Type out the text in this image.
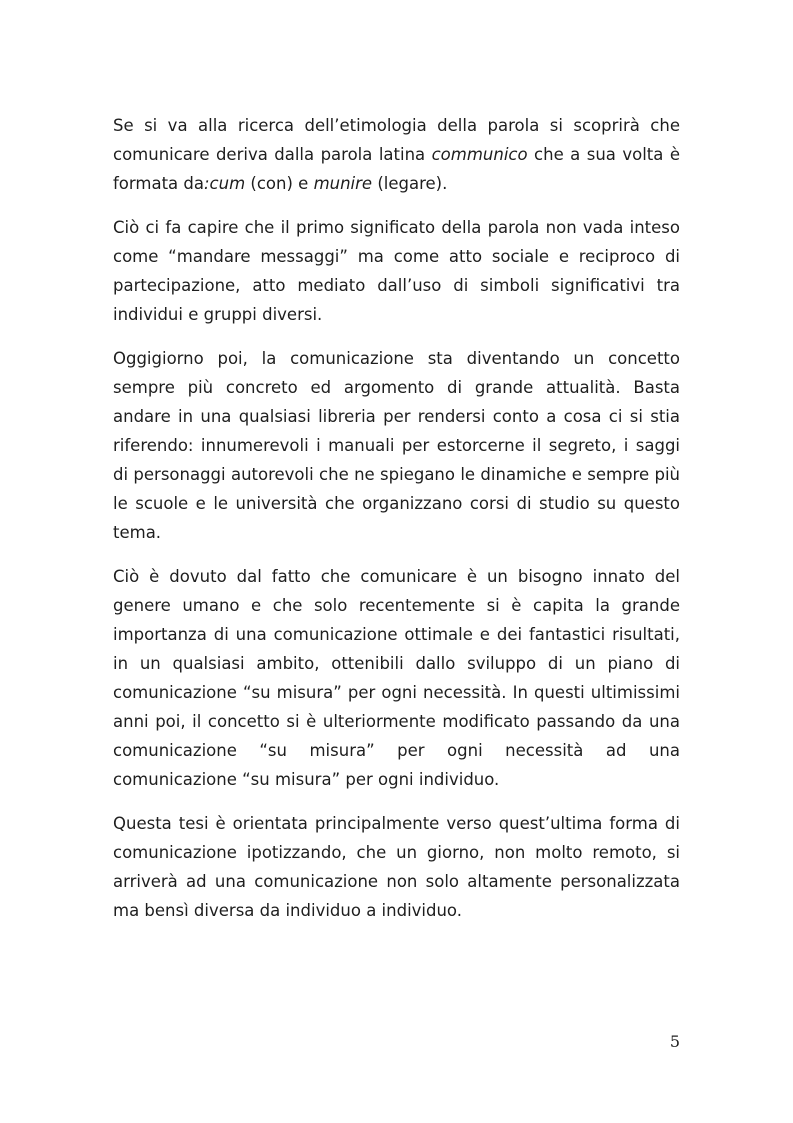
Se si va alla ricerca dell’etimologia della parola si scoprirà che comunicare deriva dalla parola latina communico che a sua volta è formata da:cum (con) e munire (legare).

Ciò ci fa capire che il primo significato della parola non vada inteso come “mandare messaggi” ma come atto sociale e reciproco di partecipazione, atto mediato dall’uso di simboli significativi tra individui e gruppi diversi.

Oggigiorno poi, la comunicazione sta diventando un concetto sempre più concreto ed argomento di grande attualità. Basta andare in una qualsiasi libreria per rendersi conto a cosa ci si stia riferendo: innumerevoli i manuali per estorcerne il segreto, i saggi di personaggi autorevoli che ne spiegano le dinamiche e sempre più le scuole e le università che organizzano corsi di studio su questo tema.

Ciò è dovuto dal fatto che comunicare è un bisogno innato del genere umano e che solo recentemente si è capita la grande importanza di una comunicazione ottimale e dei fantastici risultati, in un qualsiasi ambito, ottenibili dallo sviluppo di un piano di comunicazione “su misura” per ogni necessità. In questi ultimissimi anni poi, il concetto si è ulteriormente modificato passando da una comunicazione “su misura” per ogni necessità ad una comunicazione “su misura” per ogni individuo.

Questa tesi è orientata principalmente verso quest’ultima forma di comunicazione ipotizzando, che un giorno, non molto remoto, si arriverà ad una comunicazione non solo altamente personalizzata ma bensì diversa da individuo a individuo.

5
